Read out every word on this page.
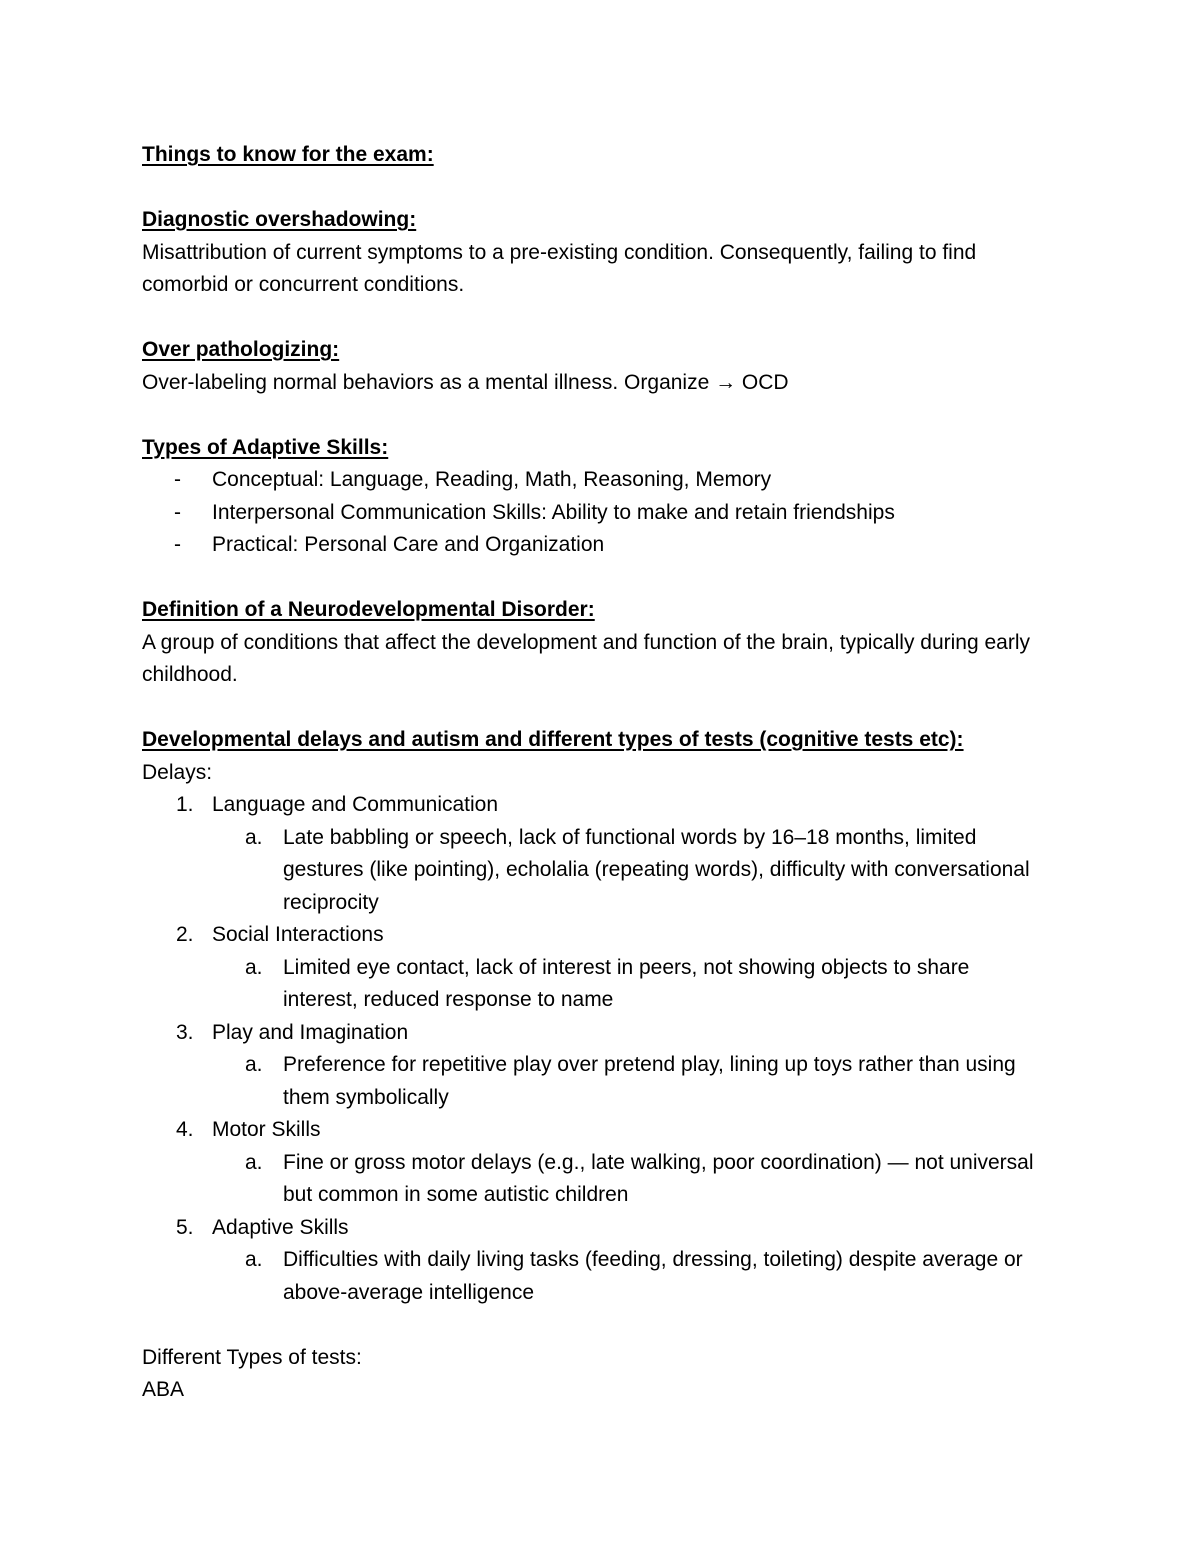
Things to know for the exam:
Diagnostic overshadowing:
Misattribution of current symptoms to a pre-existing condition. Consequently, failing to find comorbid or concurrent conditions.
Over pathologizing:
Over-labeling normal behaviors as a mental illness. Organize → OCD
Types of Adaptive Skills:
- Conceptual: Language, Reading, Math, Reasoning, Memory
- Interpersonal Communication Skills: Ability to make and retain friendships
- Practical: Personal Care and Organization
Definition of a Neurodevelopmental Disorder:
A group of conditions that affect the development and function of the brain, typically during early childhood.
Developmental delays and autism and different types of tests (cognitive tests etc):
Delays:
1. Language and Communication
a. Late babbling or speech, lack of functional words by 16–18 months, limited gestures (like pointing), echolalia (repeating words), difficulty with conversational reciprocity
2. Social Interactions
a. Limited eye contact, lack of interest in peers, not showing objects to share interest, reduced response to name
3. Play and Imagination
a. Preference for repetitive play over pretend play, lining up toys rather than using them symbolically
4. Motor Skills
a. Fine or gross motor delays (e.g., late walking, poor coordination) — not universal but common in some autistic children
5. Adaptive Skills
a. Difficulties with daily living tasks (feeding, dressing, toileting) despite average or above-average intelligence
Different Types of tests:
ABA
